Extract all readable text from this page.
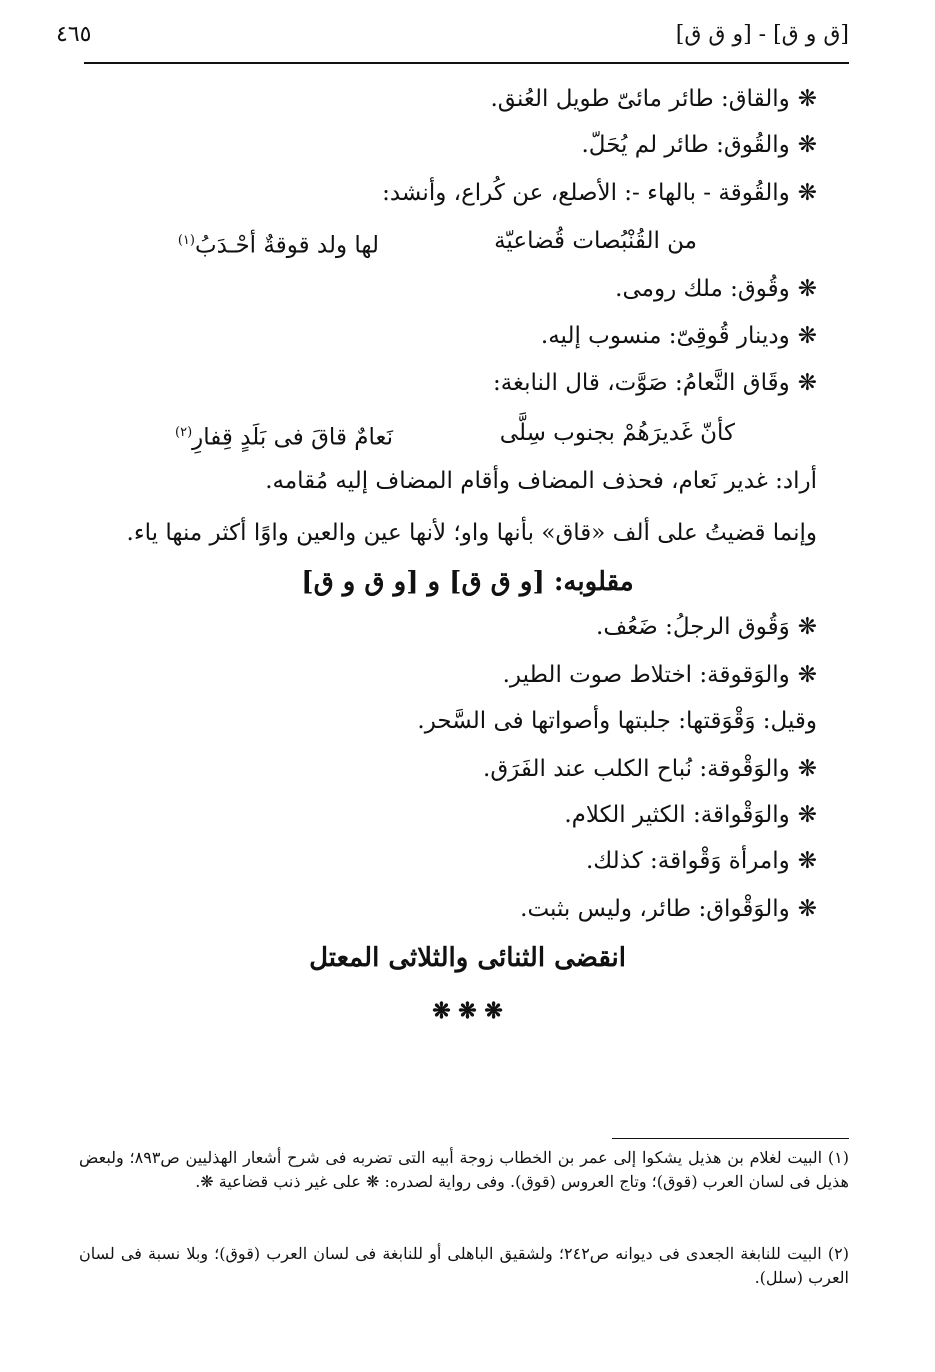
٤٦٥	[ق و ق] - [و ق ق]
❋والقاق: طائر مائىّ طويل العُنق.
❋والقُوق: طائر لم يُحَلّ.
❋والقُوقة - بالهاء -: الأصلع، عن كُراع، وأنشد:
من القُنْبُصات قُضاعيّة
لها ولد قوقةٌ أحْـدَبُ$^{(١)}$
❋وقُوق: ملك رومى.
❋ودينار قُوقِىّ: منسوب إليه.
❋وقَاق النَّعامُ: صَوَّت، قال النابغة:
كأنّ غَديرَهُمْ بجنوب سِلَّى
نَعامٌ قاقَ فى بَلَدٍ قِفارِ$^{(٢)}$
أراد: غدير نَعام، فحذف المضاف وأقام المضاف إليه مُقامه.
وإنما قضيتُ على ألف «قاق» بأنها واو؛ لأنها عين والعين واوًا أكثر منها ياء.
مقلوبه: [و ق ق] و [و ق و ق]
❋وَقُوق الرجلُ: ضَعُف.
❋والوَقوقة: اختلاط صوت الطير.
وقيل: وَقْوَقتها: جلبتها وأصواتها فى السَّحر.
❋والوَقْوقة: نُباح الكلب عند الفَرَق.
❋والوَقْواقة: الكثير الكلام.
❋وامرأة وَقْواقة: كذلك.
❋والوَقْواق: طائر، وليس بثبت.
انقضى الثنائى والثلاثى المعتل
❋ ❋ ❋
(١) البيت لغلام بن هذيل يشكوا إلى عمر بن الخطاب زوجة أبيه التى تضربه فى شرح أشعار الهذليين ص٨٩٣؛ ولبعض هذيل فى لسان العرب (قوق)؛ وتاج العروس (قوق). وفى رواية لصدره: ❋ على غير ذنب قضاعية ❋.
(٢) البيت للنابغة الجعدى فى ديوانه ص٢٤٢؛ ولشقيق الباهلى أو للنابغة فى لسان العرب (قوق)؛ وبلا نسبة فى لسان العرب (سلل).
